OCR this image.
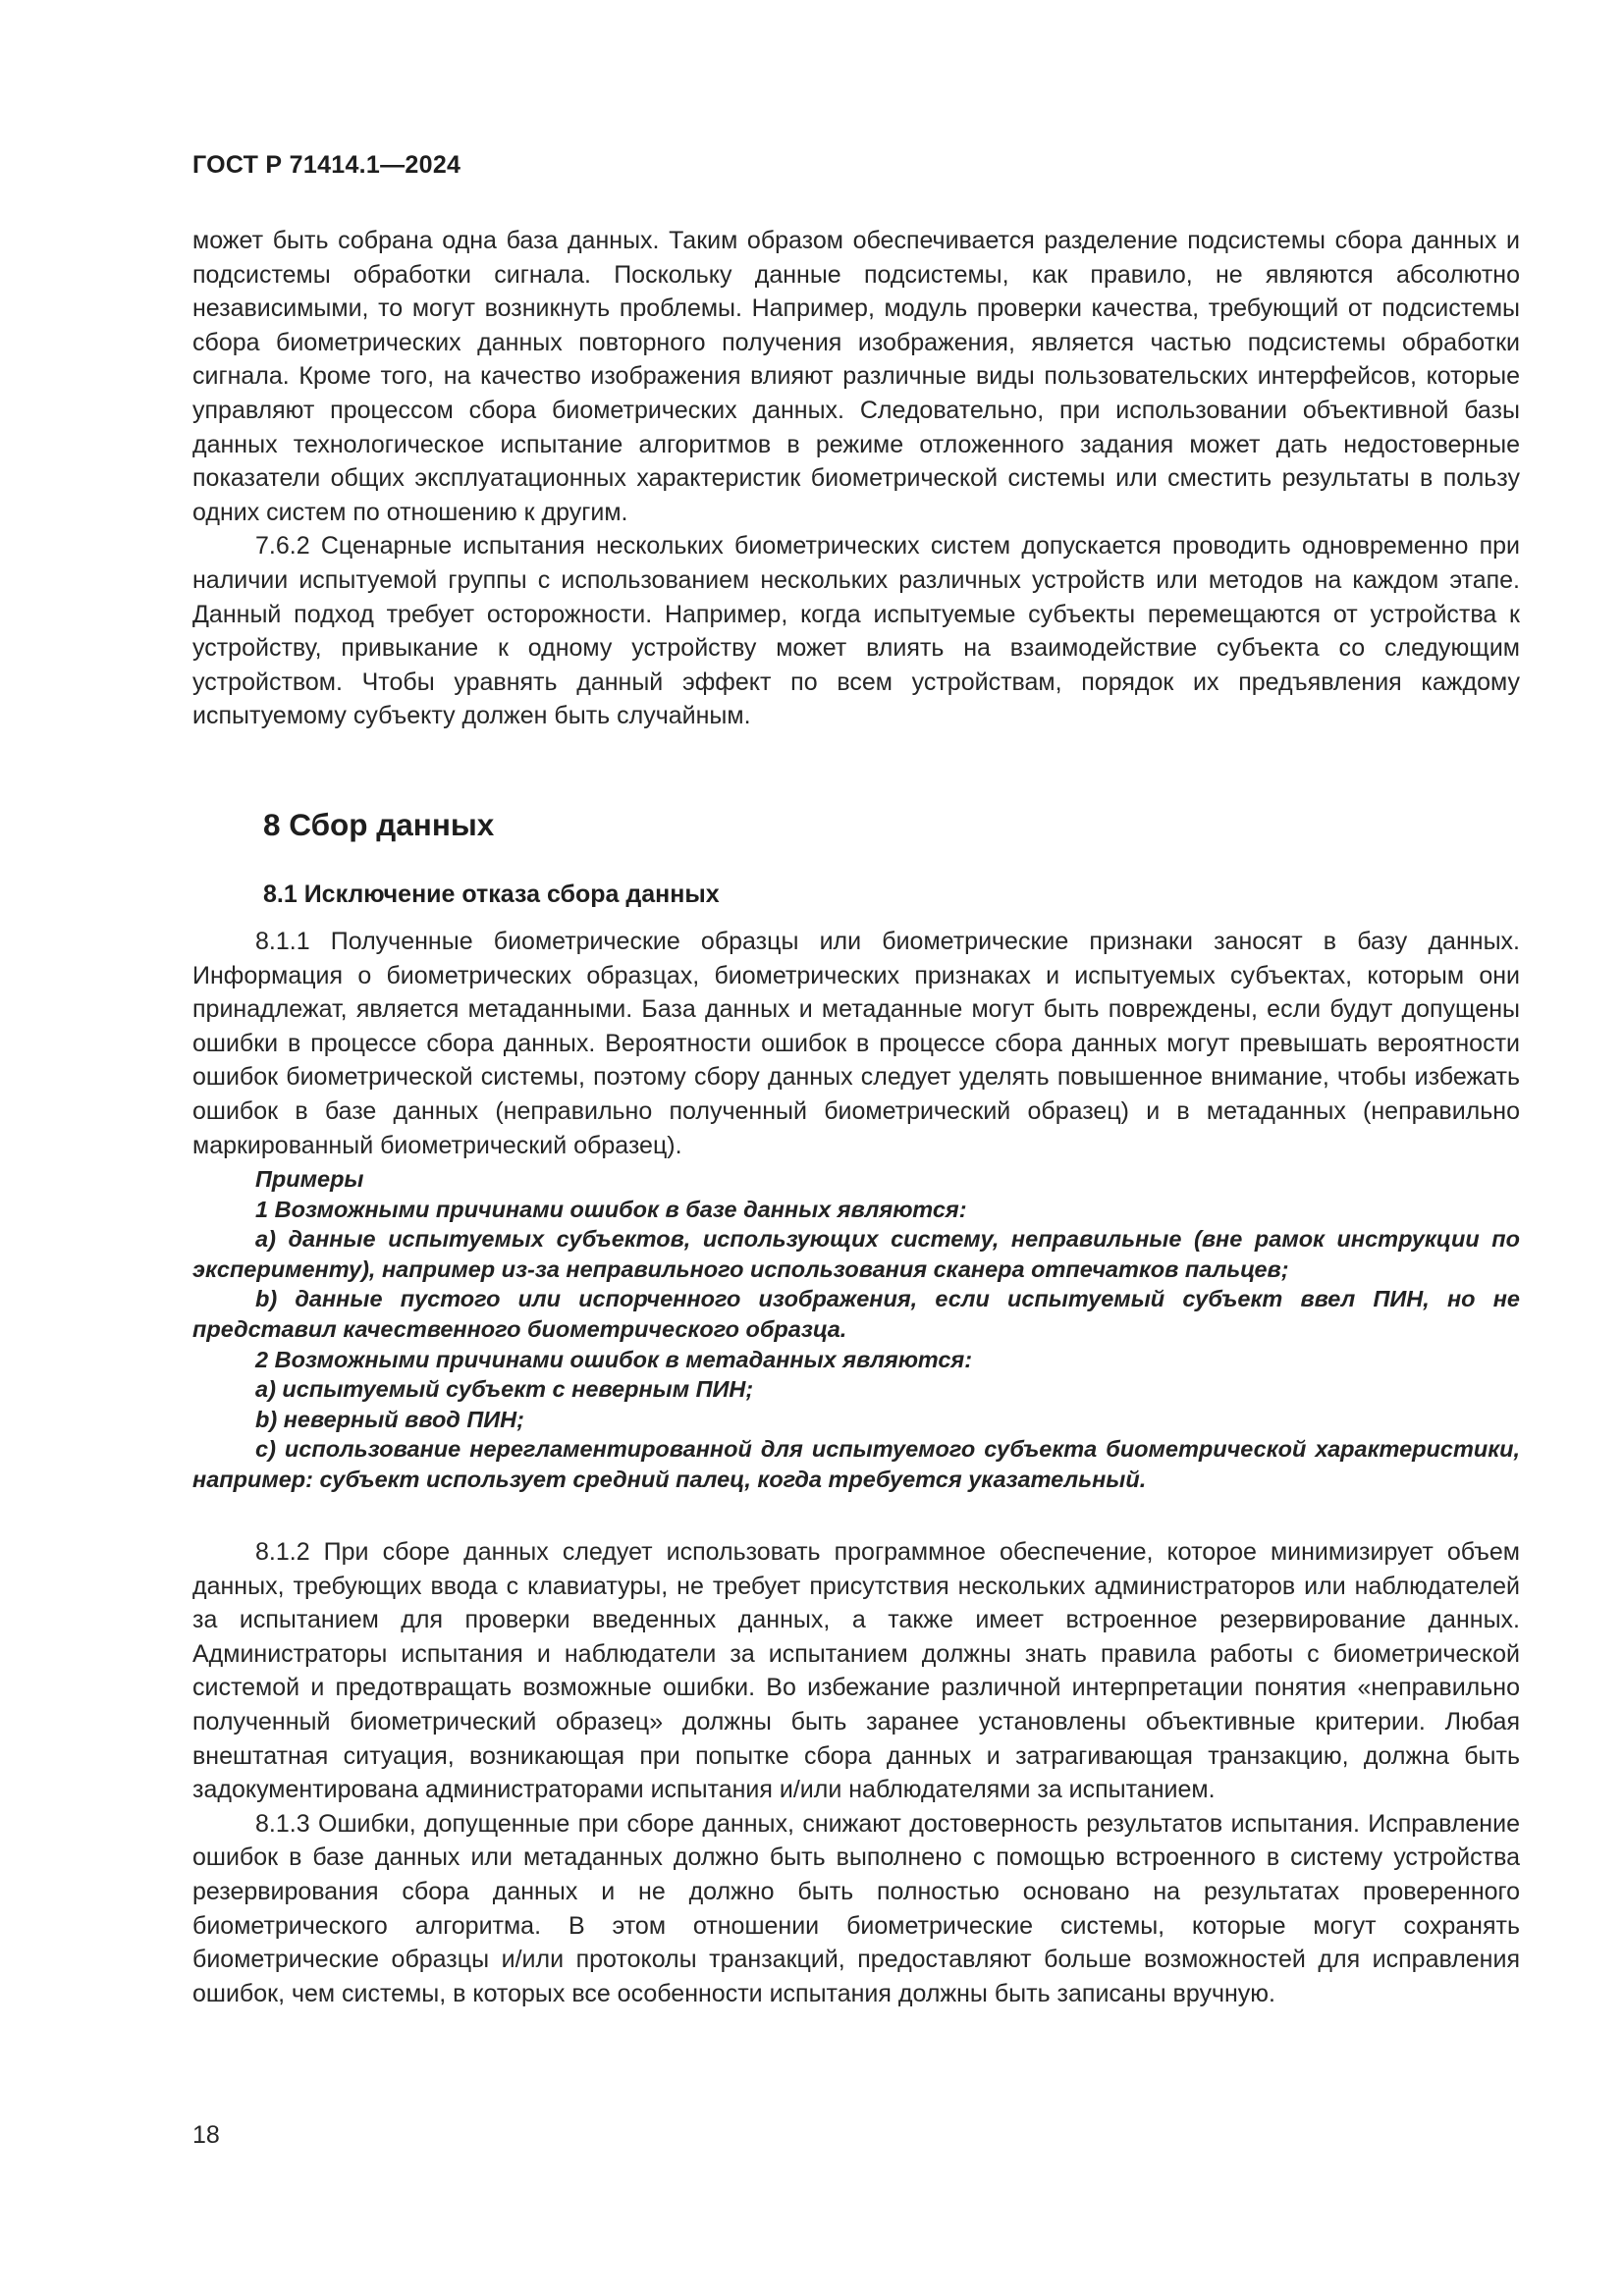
ГОСТ Р 71414.1—2024

может быть собрана одна база данных. Таким образом обеспечивается разделение подсистемы сбора данных и подсистемы обработки сигнала. Поскольку данные подсистемы, как правило, не являются абсолютно независимыми, то могут возникнуть проблемы. Например, модуль проверки качества, требующий от подсистемы сбора биометрических данных повторного получения изображения, является частью подсистемы обработки сигнала. Кроме того, на качество изображения влияют различные виды пользовательских интерфейсов, которые управляют процессом сбора биометрических данных. Следовательно, при использовании объективной базы данных технологическое испытание алгоритмов в режиме отложенного задания может дать недостоверные показатели общих эксплуатационных характеристик биометрической системы или сместить результаты в пользу одних систем по отношению к другим.

7.6.2 Сценарные испытания нескольких биометрических систем допускается проводить одновременно при наличии испытуемой группы с использованием нескольких различных устройств или методов на каждом этапе. Данный подход требует осторожности. Например, когда испытуемые субъекты перемещаются от устройства к устройству, привыкание к одному устройству может влиять на взаимодействие субъекта со следующим устройством. Чтобы уравнять данный эффект по всем устройствам, порядок их предъявления каждому испытуемому субъекту должен быть случайным.

8 Сбор данных
8.1 Исключение отказа сбора данных

8.1.1 Полученные биометрические образцы или биометрические признаки заносят в базу данных. Информация о биометрических образцах, биометрических признаках и испытуемых субъектах, которым они принадлежат, является метаданными. База данных и метаданные могут быть повреждены, если будут допущены ошибки в процессе сбора данных. Вероятности ошибок в процессе сбора данных могут превышать вероятности ошибок биометрической системы, поэтому сбору данных следует уделять повышенное внимание, чтобы избежать ошибок в базе данных (неправильно полученный биометрический образец) и в метаданных (неправильно маркированный биометрический образец).

Примеры

1 Возможными причинами ошибок в базе данных являются:

a) данные испытуемых субъектов, использующих систему, неправильные (вне рамок инструкции по эксперименту), например из-за неправильного использования сканера отпечатков пальцев;

b) данные пустого или испорченного изображения, если испытуемый субъект ввел ПИН, но не представил качественного биометрического образца.

2 Возможными причинами ошибок в метаданных являются:

a) испытуемый субъект с неверным ПИН;

b) неверный ввод ПИН;

c) использование нерегламентированной для испытуемого субъекта биометрической характеристики, например: субъект использует средний палец, когда требуется указательный.

8.1.2 При сборе данных следует использовать программное обеспечение, которое минимизирует объем данных, требующих ввода с клавиатуры, не требует присутствия нескольких администраторов или наблюдателей за испытанием для проверки введенных данных, а также имеет встроенное резервирование данных. Администраторы испытания и наблюдатели за испытанием должны знать правила работы с биометрической системой и предотвращать возможные ошибки. Во избежание различной интерпретации понятия «неправильно полученный биометрический образец» должны быть заранее установлены объективные критерии. Любая внештатная ситуация, возникающая при попытке сбора данных и затрагивающая транзакцию, должна быть задокументирована администраторами испытания и/или наблюдателями за испытанием.

8.1.3 Ошибки, допущенные при сборе данных, снижают достоверность результатов испытания. Исправление ошибок в базе данных или метаданных должно быть выполнено с помощью встроенного в систему устройства резервирования сбора данных и не должно быть полностью основано на результатах проверенного биометрического алгоритма. В этом отношении биометрические системы, которые могут сохранять биометрические образцы и/или протоколы транзакций, предоставляют больше возможностей для исправления ошибок, чем системы, в которых все особенности испытания должны быть записаны вручную.

18
